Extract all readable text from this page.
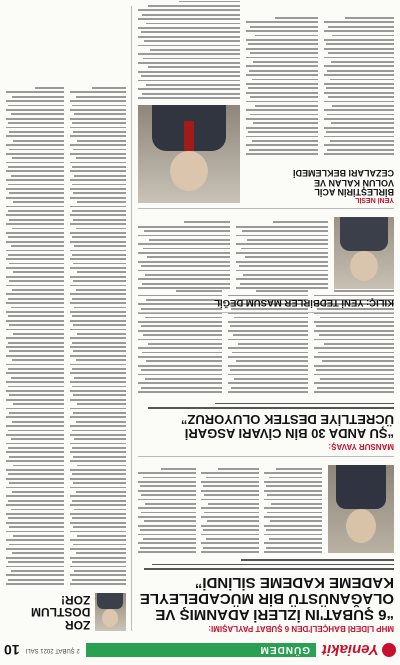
Yeniakit
GÜNDEM
2 ŞUBAT 2021 SALI
10
MHP LİDERİ BAHÇELİ'DEN 6 ŞUBAT PAYLAŞIMI:
“6 ŞUBAT'IN İZLERİ ADANMIŞ VE
OLAĞANÜSTÜ BİR MÜCADELEYLE
KADEME KADEME SİLİNDİ”
MANSUR YAVAŞ:
“ŞU ANDA 30 BİN CİVARI ASGARİ
ÜCRETLİYE DESTEK OLUYORUZ”
KILIÇ: YENİ TEDBİRLER MASUM DEĞİL
YENİ NESİL
BİRLEŞTİRİN ACİL
VOLUN KALAN VE
CEZALARI BEKLEMEDİ
ZOR DOSTLUM
ZOR!
